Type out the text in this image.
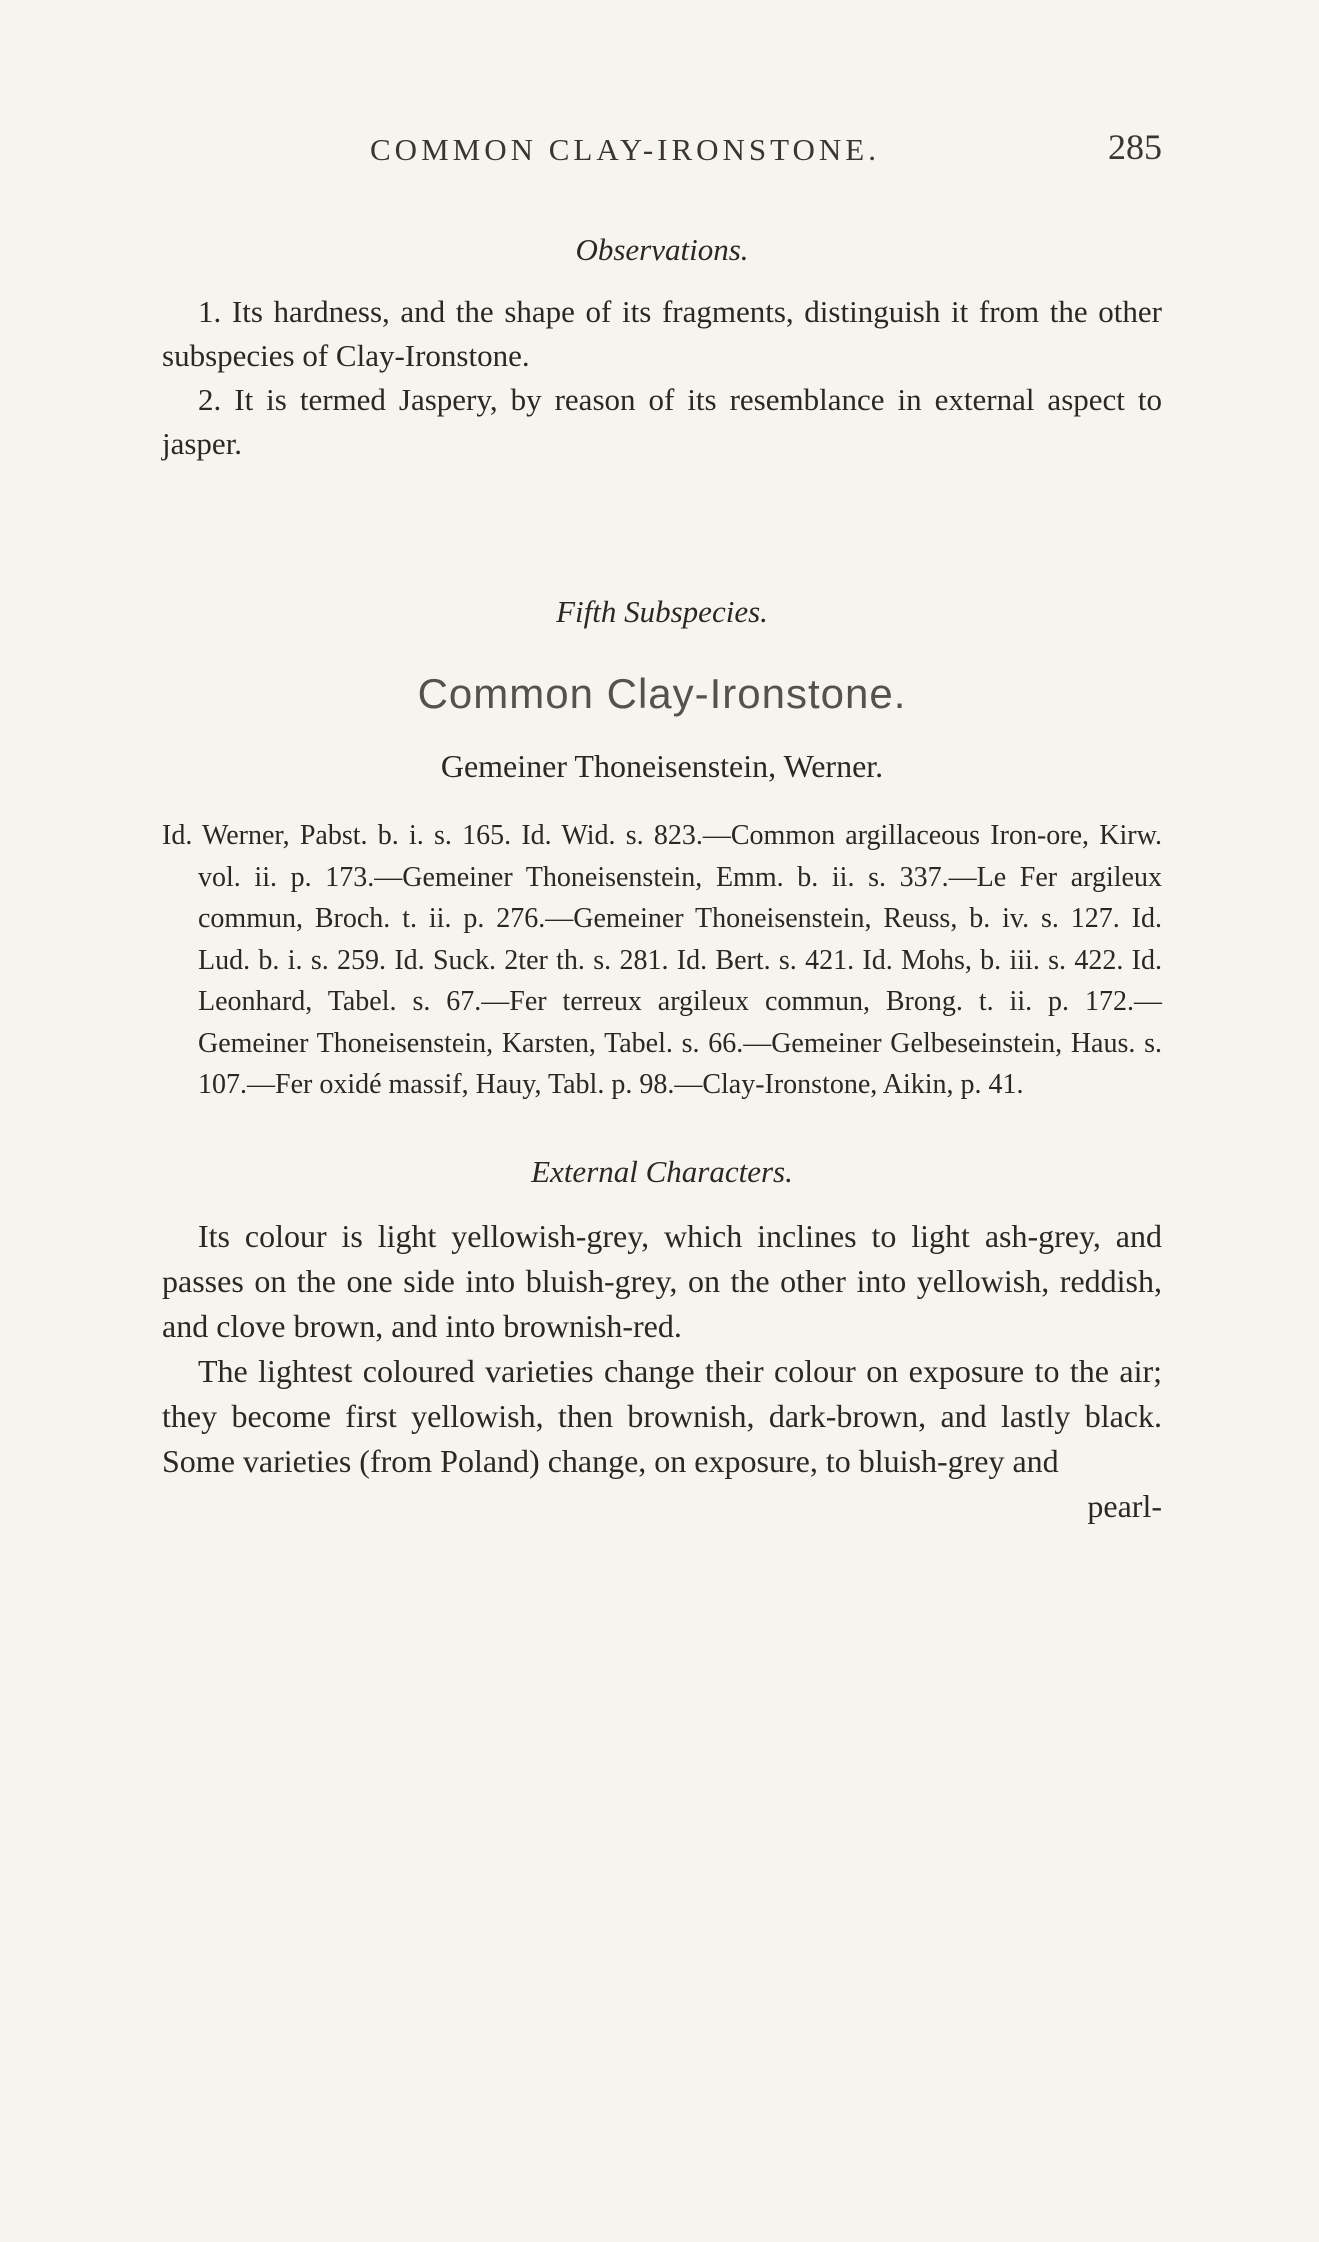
COMMON CLAY-IRONSTONE.	285
Observations.

1. Its hardness, and the shape of its fragments, distinguish it from the other subspecies of Clay-Ironstone.

2. It is termed Jaspery, by reason of its resemblance in external aspect to jasper.

Fifth Subspecies.
Common Clay-Ironstone.
Gemeiner Thoneisenstein, Werner.

Id. Werner, Pabst. b. i. s. 165. Id. Wid. s. 823.—Common argillaceous Iron-ore, Kirw. vol. ii. p. 173.—Gemeiner Thoneisenstein, Emm. b. ii. s. 337.—Le Fer argileux commun, Broch. t. ii. p. 276.—Gemeiner Thoneisenstein, Reuss, b. iv. s. 127. Id. Lud. b. i. s. 259. Id. Suck. 2ter th. s. 281. Id. Bert. s. 421. Id. Mohs, b. iii. s. 422. Id. Leonhard, Tabel. s. 67.—Fer terreux argileux commun, Brong. t. ii. p. 172.—Gemeiner Thoneisenstein, Karsten, Tabel. s. 66.—Gemeiner Gelbeseinstein, Haus. s. 107.—Fer oxidé massif, Hauy, Tabl. p. 98.—Clay-Ironstone, Aikin, p. 41.

External Characters.

Its colour is light yellowish-grey, which inclines to light ash-grey, and passes on the one side into bluish-grey, on the other into yellowish, reddish, and clove brown, and into brownish-red.

The lightest coloured varieties change their colour on exposure to the air; they become first yellowish, then brownish, dark-brown, and lastly black. Some varieties (from Poland) change, on exposure, to bluish-grey and

pearl-
